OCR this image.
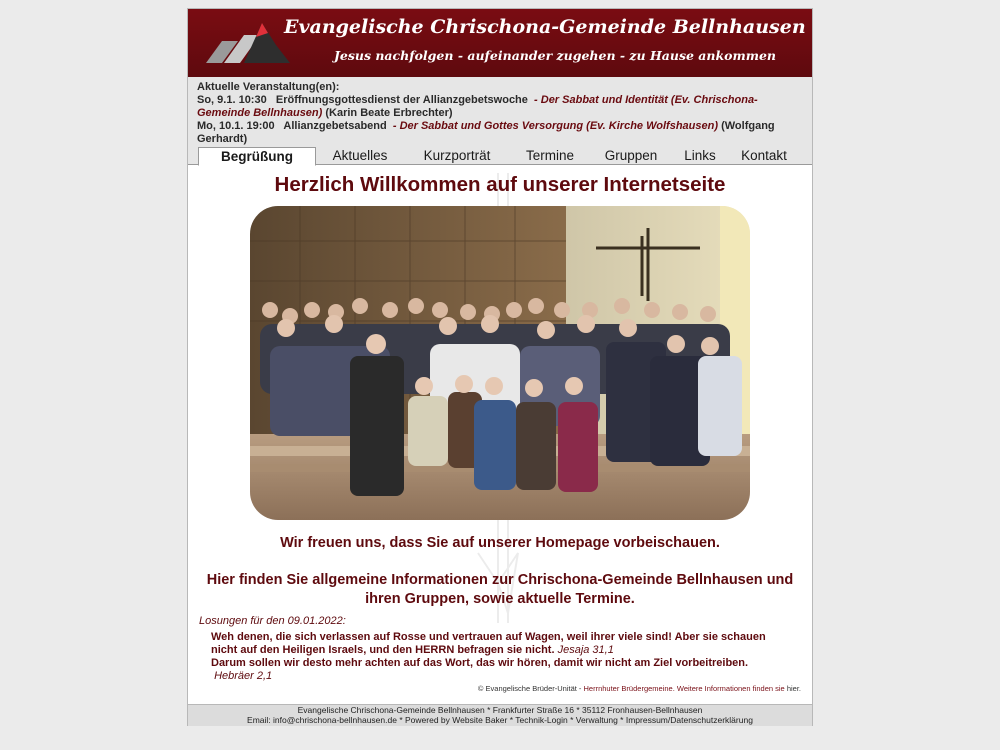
Evangelische Chrischona-Gemeinde Bellnhausen
Jesus nachfolgen - aufeinander zugehen - zu Hause ankommen
Aktuelle Veranstaltung(en):
So, 9.1. 10:30 Eröffnungsgottesdienst der Allianzgebetswoche - Der Sabbat und Identität (Ev. Chrischona-Gemeinde Bellnhausen) (Karin Beate Erbrechter)
Mo, 10.1. 19:00 Allianzgebetsabend - Der Sabbat und Gottes Versorgung (Ev. Kirche Wolfshausen) (Wolfgang Gerhardt)
Begrüßung	Aktuelles	Kurzporträt	Termine	Gruppen	Links	Kontakt
Herzlich Willkommen auf unserer Internetseite
Wir freuen uns, dass Sie auf unserer Homepage vorbeischauen.
Hier finden Sie allgemeine Informationen zur Chrischona-Gemeinde Bellnhausen und ihren Gruppen, sowie aktuelle Termine.
Losungen für den 09.01.2022:
Weh denen, die sich verlassen auf Rosse und vertrauen auf Wagen, weil ihrer viele sind! Aber sie schauen nicht auf den Heiligen Israels, und den HERRN befragen sie nicht. Jesaja 31,1
Darum sollen wir desto mehr achten auf das Wort, das wir hören, damit wir nicht am Ziel vorbeitreiben.
Hebräer 2,1
© Evangelische Brüder-Unität - Herrnhuter Brüdergemeine. Weitere Informationen finden sie hier.
Evangelische Chrischona-Gemeinde Bellnhausen * Frankfurter Straße 16 * 35112 Fronhausen-Bellnhausen
Email: info@chrischona-bellnhausen.de * Powered by Website Baker * Technik-Login * Verwaltung * Impressum/Datenschutzerklärung
